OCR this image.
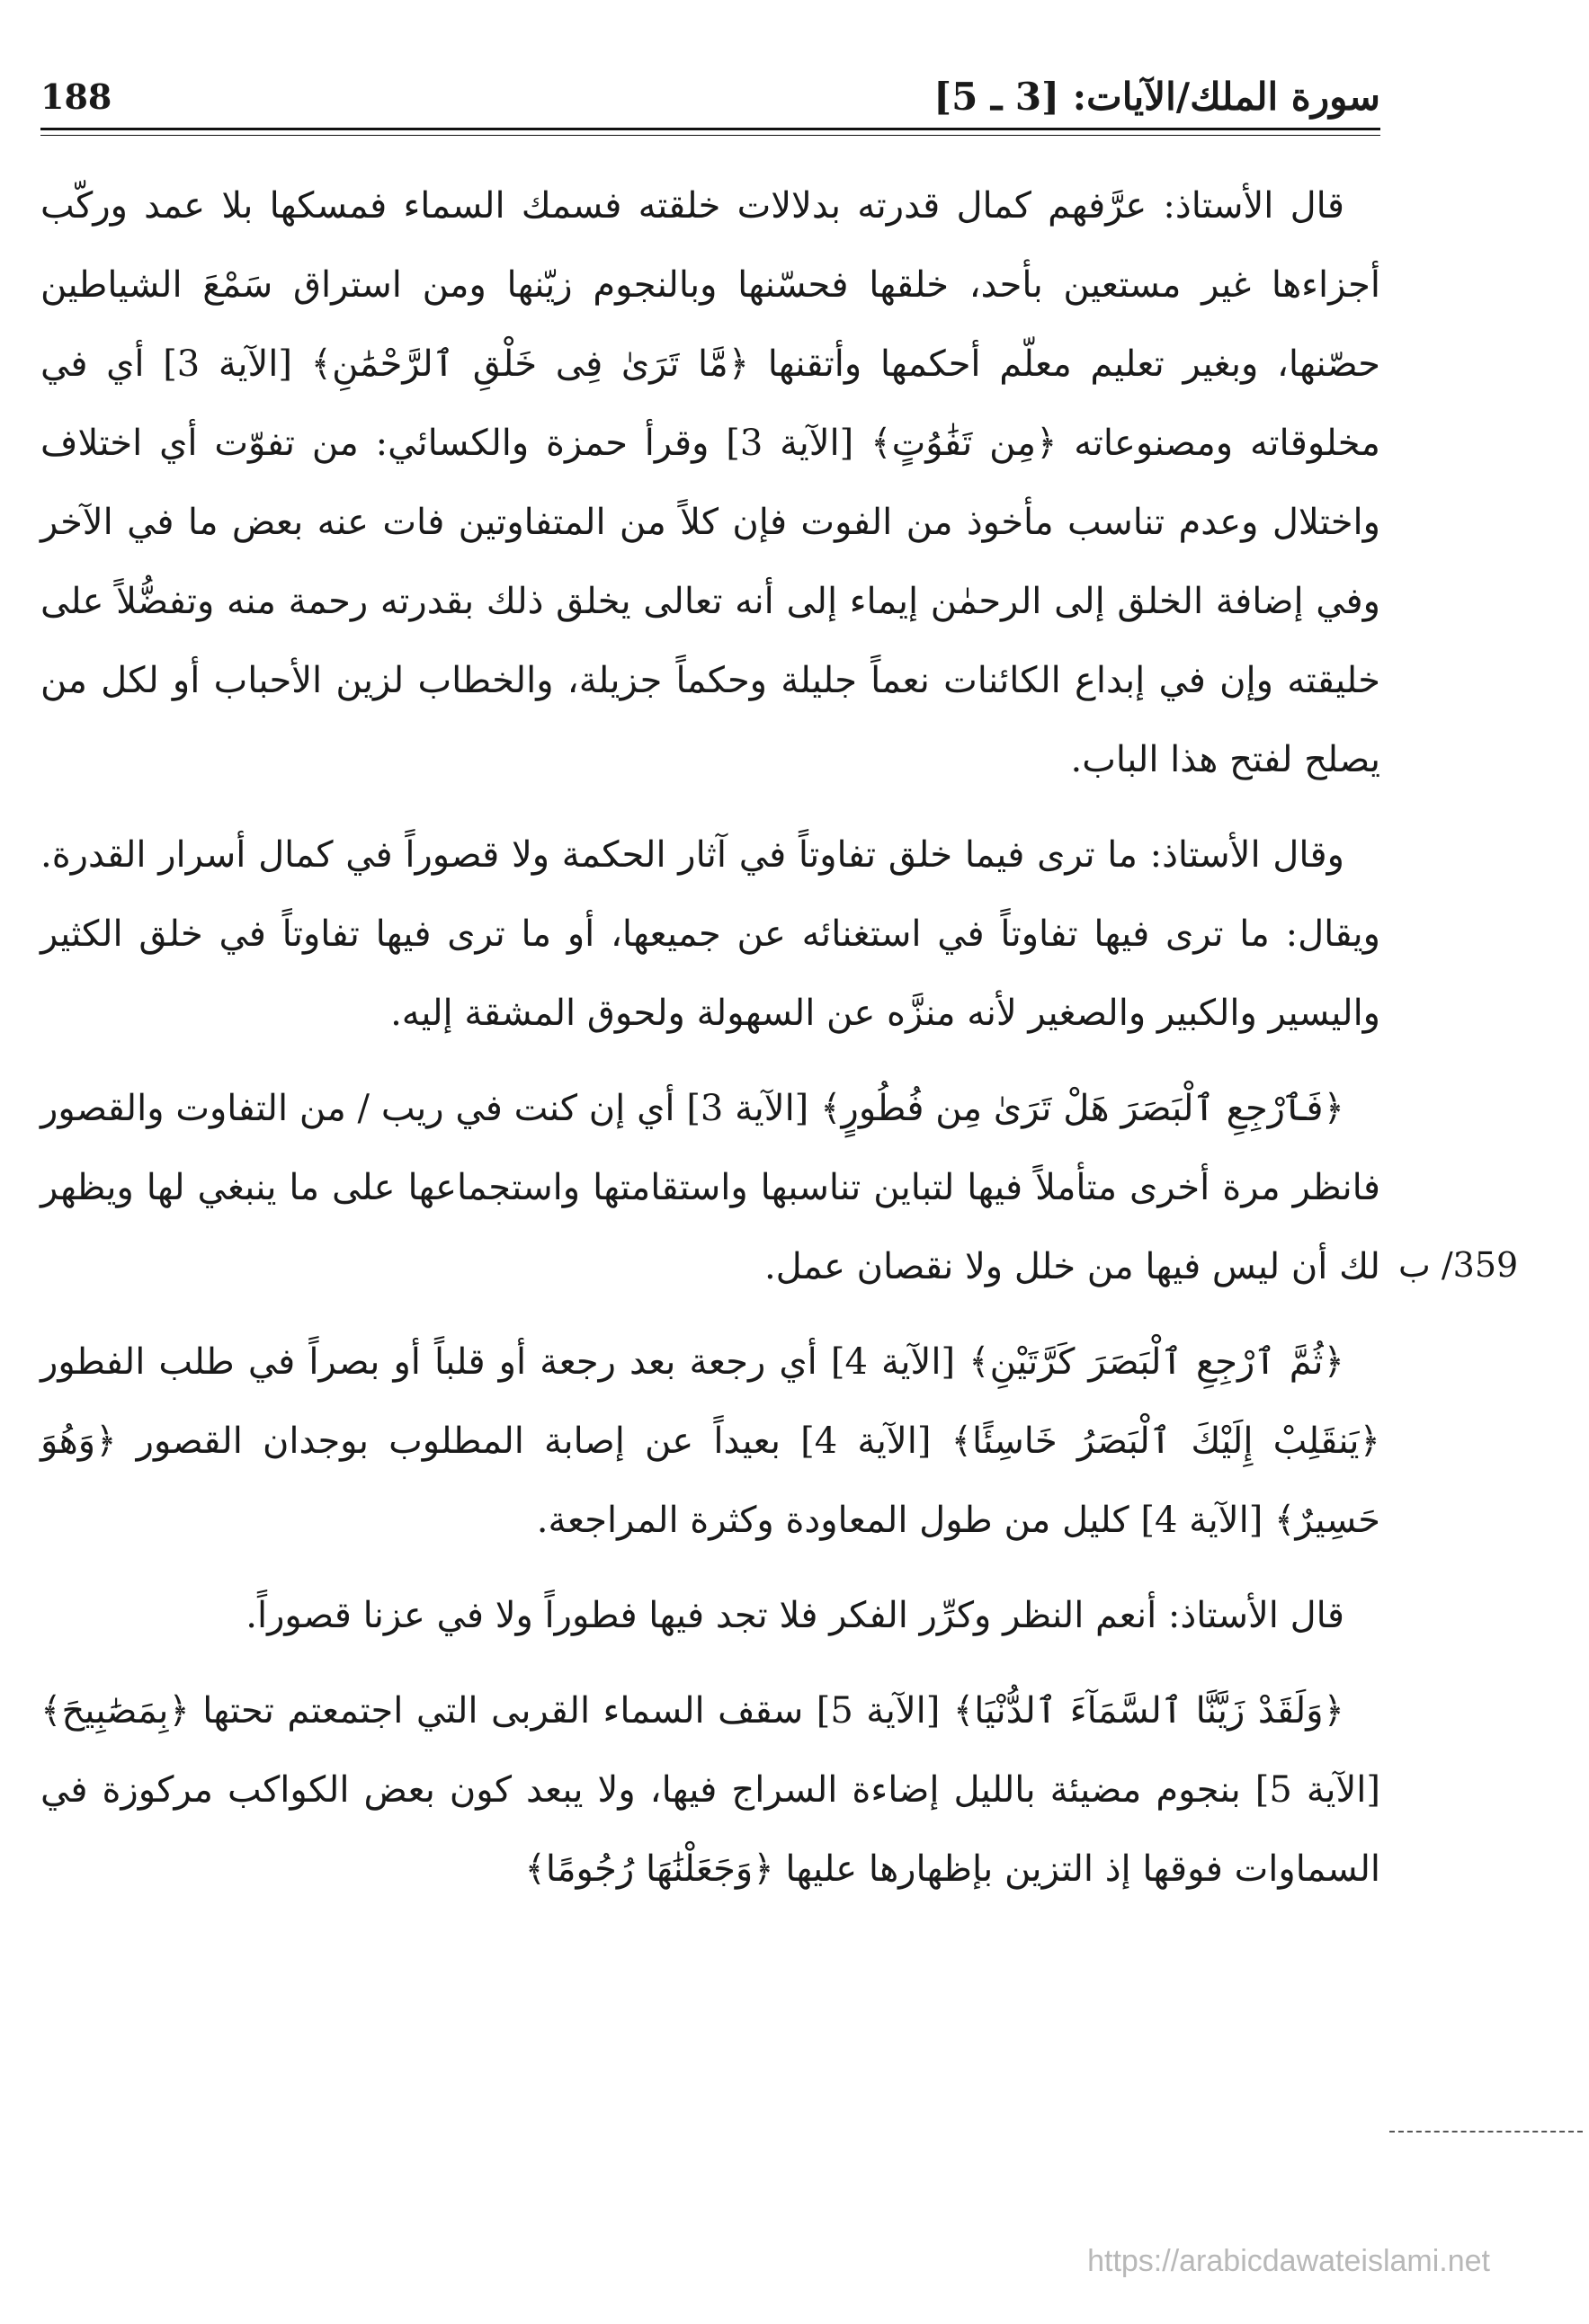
سورة الملك/الآيات: [3 ـ 5]
188

قال الأستاذ: عرَّفهم كمال قدرته بدلالات خلقته فسمك السماء فمسكها بلا عمد وركّب أجزاءها غير مستعين بأحد، خلقها فحسّنها وبالنجوم زيّنها ومن استراق سَمْعَ الشياطين حصّنها، وبغير تعليم معلّم أحكمها وأتقنها ﴿مَّا تَرَىٰ فِى خَلْقِ ٱلرَّحْمَٰنِ﴾ [الآية 3] أي في مخلوقاته ومصنوعاته ﴿مِن تَفَٰوُتٍ﴾ [الآية 3] وقرأ حمزة والكسائي: من تفوّت أي اختلاف واختلال وعدم تناسب مأخوذ من الفوت فإن كلاً من المتفاوتين فات عنه بعض ما في الآخر وفي إضافة الخلق إلى الرحمٰن إيماء إلى أنه تعالى يخلق ذلك بقدرته رحمة منه وتفضُّلاً على خليقته وإن في إبداع الكائنات نعماً جليلة وحكماً جزيلة، والخطاب لزين الأحباب أو لكل من يصلح لفتح هذا الباب.

وقال الأستاذ: ما ترى فيما خلق تفاوتاً في آثار الحكمة ولا قصوراً في كمال أسرار القدرة. ويقال: ما ترى فيها تفاوتاً في استغنائه عن جميعها، أو ما ترى فيها تفاوتاً في خلق الكثير واليسير والكبير والصغير لأنه منزَّه عن السهولة ولحوق المشقة إليه.

﴿فَٱرْجِعِ ٱلْبَصَرَ هَلْ تَرَىٰ مِن فُطُورٍ﴾ [الآية 3] أي إن كنت في ريب / من التفاوت والقصور فانظر مرة أخرى متأملاً فيها لتباين تناسبها واستقامتها واستجماعها على ما ينبغي لها ويظهر لك أن ليس فيها من خلل ولا نقصان عمل.

﴿ثُمَّ ٱرْجِعِ ٱلْبَصَرَ كَرَّتَيْنِ﴾ [الآية 4] أي رجعة بعد رجعة أو قلباً أو بصراً في طلب الفطور ﴿يَنقَلِبْ إِلَيْكَ ٱلْبَصَرُ خَاسِئًا﴾ [الآية 4] بعيداً عن إصابة المطلوب بوجدان القصور ﴿وَهُوَ حَسِيرٌ﴾ [الآية 4] كليل من طول المعاودة وكثرة المراجعة.

قال الأستاذ: أنعم النظر وكرِّر الفكر فلا تجد فيها فطوراً ولا في عزنا قصوراً.

﴿وَلَقَدْ زَيَّنَّا ٱلسَّمَآءَ ٱلدُّنْيَا﴾ [الآية 5] سقف السماء القربى التي اجتمعتم تحتها ﴿بِمَصَٰبِيحَ﴾ [الآية 5] بنجوم مضيئة بالليل إضاءة السراج فيها، ولا يبعد كون بعض الكواكب مركوزة في السماوات فوقها إذ التزين بإظهارها عليها ﴿وَجَعَلْنَٰهَا رُجُومًا﴾

359/ ب
https://arabicdawateislami.net
